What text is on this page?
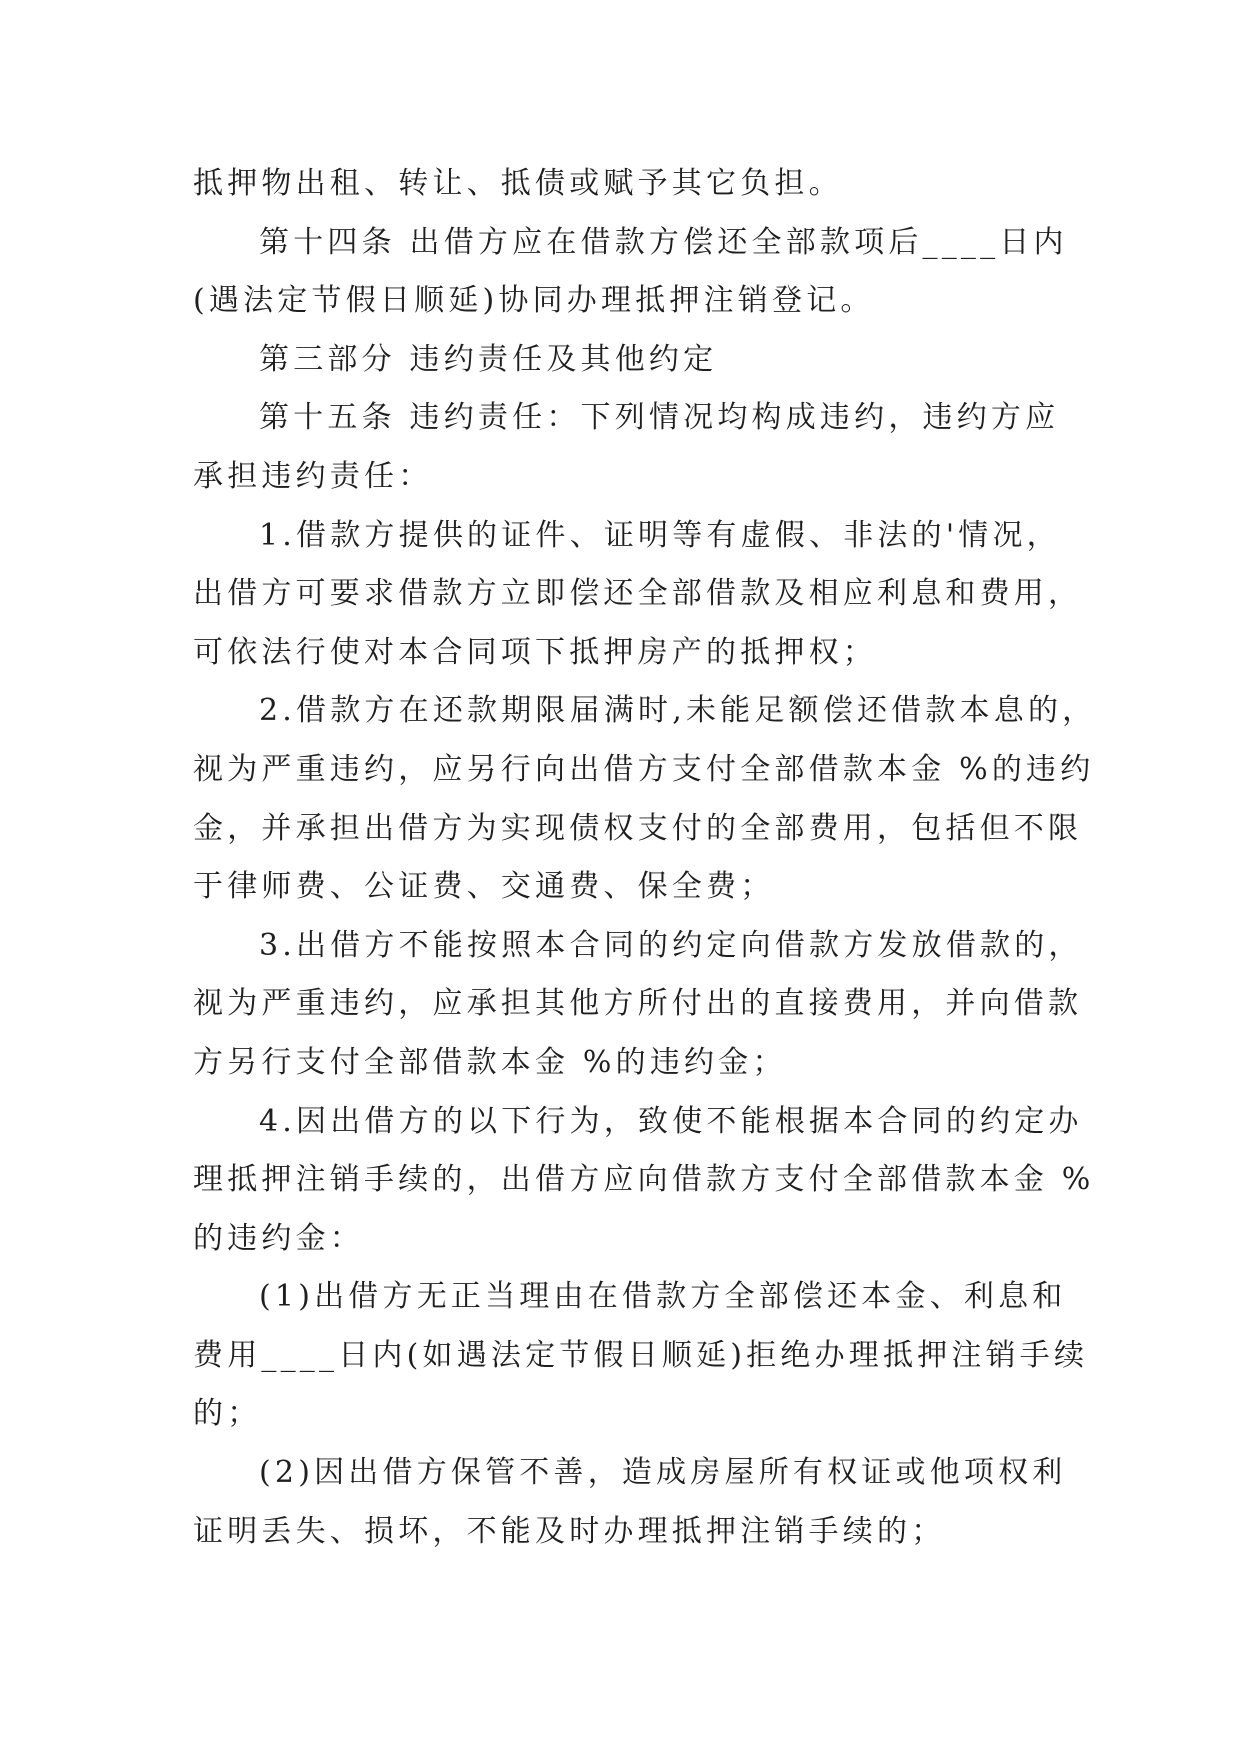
抵押物出租、转让、抵债或赋予其它负担。
第十四条 出借方应在借款方偿还全部款项后____日内
(遇法定节假日顺延)协同办理抵押注销登记。
第三部分 违约责任及其他约定
第十五条 违约责任：下列情况均构成违约，违约方应
承担违约责任：
1.借款方提供的证件、证明等有虚假、非法的'情况，
出借方可要求借款方立即偿还全部借款及相应利息和费用，
可依法行使对本合同项下抵押房产的抵押权；
2.借款方在还款期限届满时,未能足额偿还借款本息的，
视为严重违约，应另行向出借方支付全部借款本金 %的违约
金，并承担出借方为实现债权支付的全部费用，包括但不限
于律师费、公证费、交通费、保全费；
3.出借方不能按照本合同的约定向借款方发放借款的，
视为严重违约，应承担其他方所付出的直接费用，并向借款
方另行支付全部借款本金 %的违约金；
4.因出借方的以下行为，致使不能根据本合同的约定办
理抵押注销手续的，出借方应向借款方支付全部借款本金 %
的违约金：
(1)出借方无正当理由在借款方全部偿还本金、利息和
费用____日内(如遇法定节假日顺延)拒绝办理抵押注销手续
的；
(2)因出借方保管不善，造成房屋所有权证或他项权利
证明丢失、损坏，不能及时办理抵押注销手续的；
